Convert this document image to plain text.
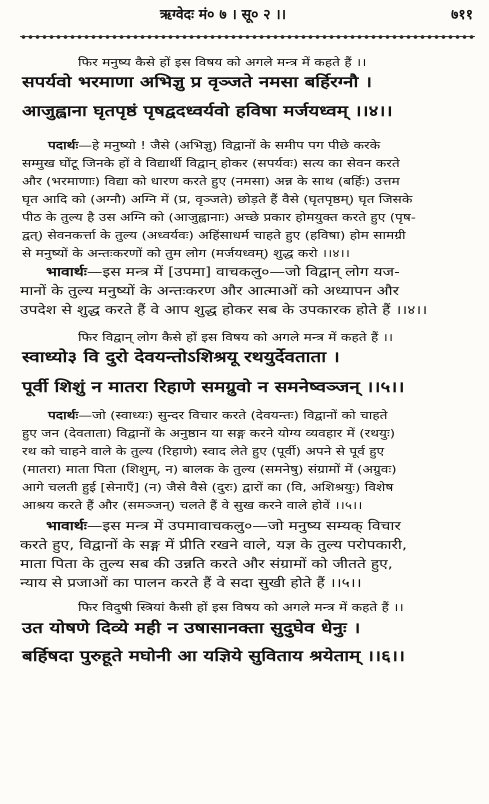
ऋग्वेदः मं० ७ । सू० २ ।।	७११
फिर मनुष्य कैसे हों इस विषय को अगले मन्त्र में कहते हैं ।।
सपर्यवो भरमाणा अभिज्ञु प्र वृञ्जते नमसा बर्हिरग्नौ ।
आजुह्वाना घृतपृष्ठं पृषद्वदध्वर्यवो हविषा मर्जयध्वम् ।।४।।
पदार्थः—हे मनुष्यो ! जैसे (अभिज्ञु) विद्वानों के समीप पग पीछे करके
सम्मुख घोंटू जिनके हों वे विद्यार्थी विद्वान् होकर (सपर्यवः) सत्य का सेवन करते
और (भरमाणाः) विद्या को धारण करते हुए (नमसा) अन्न के साथ (बर्हिः) उत्तम
घृत आदि को (अग्नौ) अग्नि में (प्र, वृञ्जते) छोड़ते हैं वैसे (घृतपृष्ठम्) घृत जिसके
पीठ के तुल्य है उस अग्नि को (आजुह्वानाः) अच्छे प्रकार होमयुक्त करते हुए (पृष-
द्वत्) सेवनकर्त्ता के तुल्य (अध्वर्यवः) अहिंसाधर्म चाहते हुए (हविषा) होम सामग्री
से मनुष्यों के अन्तःकरणों को तुम लोग (मर्जयध्वम्) शुद्ध करो ।।४।।
भावार्थः—इस मन्त्र में [उपमा] वाचकलु०—जो विद्वान् लोग यज-
मानों के तुल्य मनुष्यों के अन्तःकरण और आत्माओं को अध्यापन और
उपदेश से शुद्ध करते हैं वे आप शुद्ध होकर सब के उपकारक होते हैं ।।४।।
फिर विद्वान् लोग कैसे हों इस विषय को अगले मन्त्र में कहते हैं ।।
स्वाध्यो३ वि दुरो देवयन्तोऽशिश्रयू रथयुर्देवताता ।
पूर्वी शिशुं न मातरा रिहाणे समग्रुवो न समनेष्वञ्जन् ।।५।।
पदार्थः—जो (स्वाध्यः) सुन्दर विचार करते (देवयन्तः) विद्वानों को चाहते
हुए जन (देवताता) विद्वानों के अनुष्ठान या सङ्ग करने योग्य व्यवहार में (रथयुः)
रथ को चाहने वाले के तुल्य (रिहाणे) स्वाद लेते हुए (पूर्वी) अपने से पूर्व हुए
(मातरा) माता पिता (शिशुम्, न) बालक के तुल्य (समनेषु) संग्रामों में (अग्रुवः)
आगे चलती हुई [सेनाएँ] (न) जैसे वैसे (दुरः) द्वारों का (वि, अशिश्रयुः) विशेष
आश्रय करते हैं और (समञ्जन्) चलते हैं वे सुख करने वाले होवें ।।५।।
भावार्थः—इस मन्त्र में उपमावाचकलु०—जो मनुष्य सम्यक् विचार
करते हुए, विद्वानों के सङ्ग में प्रीति रखने वाले, यज्ञ के तुल्य परोपकारी,
माता पिता के तुल्य सब की उन्नति करते और संग्रामों को जीतते हुए,
न्याय से प्रजाओं का पालन करते हैं वे सदा सुखी होते हैं ।।५।।
फिर विदुषी स्त्रियां कैसी हों इस विषय को अगले मन्त्र में कहते हैं ।।
उत योषणे दिव्ये मही न उषासानक्ता सुदुघेव धेनुः ।
बर्हिषदा पुरुहूते मघोनी आ यज्ञिये सुविताय श्रयेताम् ।।६।।
